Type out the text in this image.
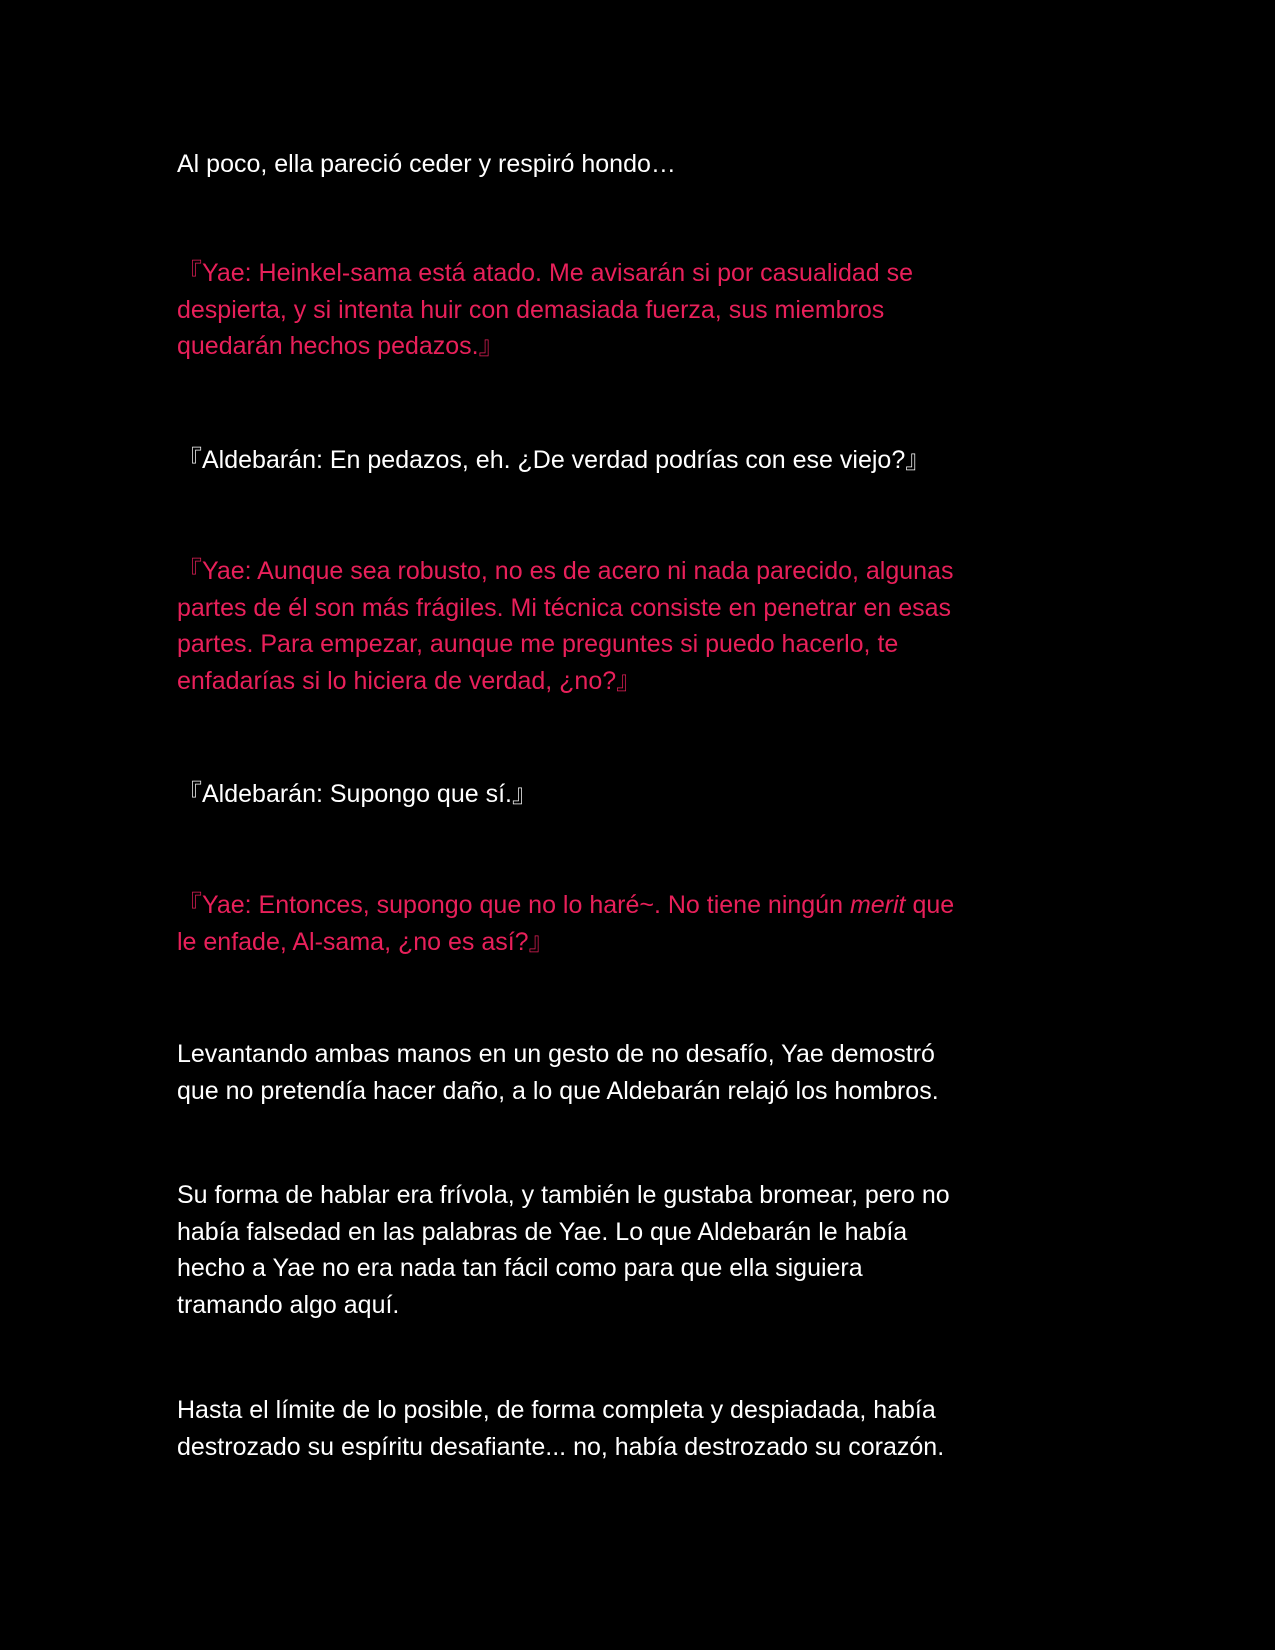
Al poco, ella pareció ceder y respiró hondo…

『Yae: Heinkel-sama está atado. Me avisarán si por casualidad se
despierta, y si intenta huir con demasiada fuerza, sus miembros
quedarán hechos pedazos.』

『Aldebarán: En pedazos, eh. ¿De verdad podrías con ese viejo?』

『Yae: Aunque sea robusto, no es de acero ni nada parecido, algunas
partes de él son más frágiles. Mi técnica consiste en penetrar en esas
partes. Para empezar, aunque me preguntes si puedo hacerlo, te
enfadarías si lo hiciera de verdad, ¿no?』

『Aldebarán: Supongo que sí.』

『Yae: Entonces, supongo que no lo haré~. No tiene ningún merit que
le enfade, Al-sama, ¿no es así?』

Levantando ambas manos en un gesto de no desafío, Yae demostró
que no pretendía hacer daño, a lo que Aldebarán relajó los hombros.

Su forma de hablar era frívola, y también le gustaba bromear, pero no
había falsedad en las palabras de Yae. Lo que Aldebarán le había
hecho a Yae no era nada tan fácil como para que ella siguiera
tramando algo aquí.

Hasta el límite de lo posible, de forma completa y despiadada, había
destrozado su espíritu desafiante... no, había destrozado su corazón.
